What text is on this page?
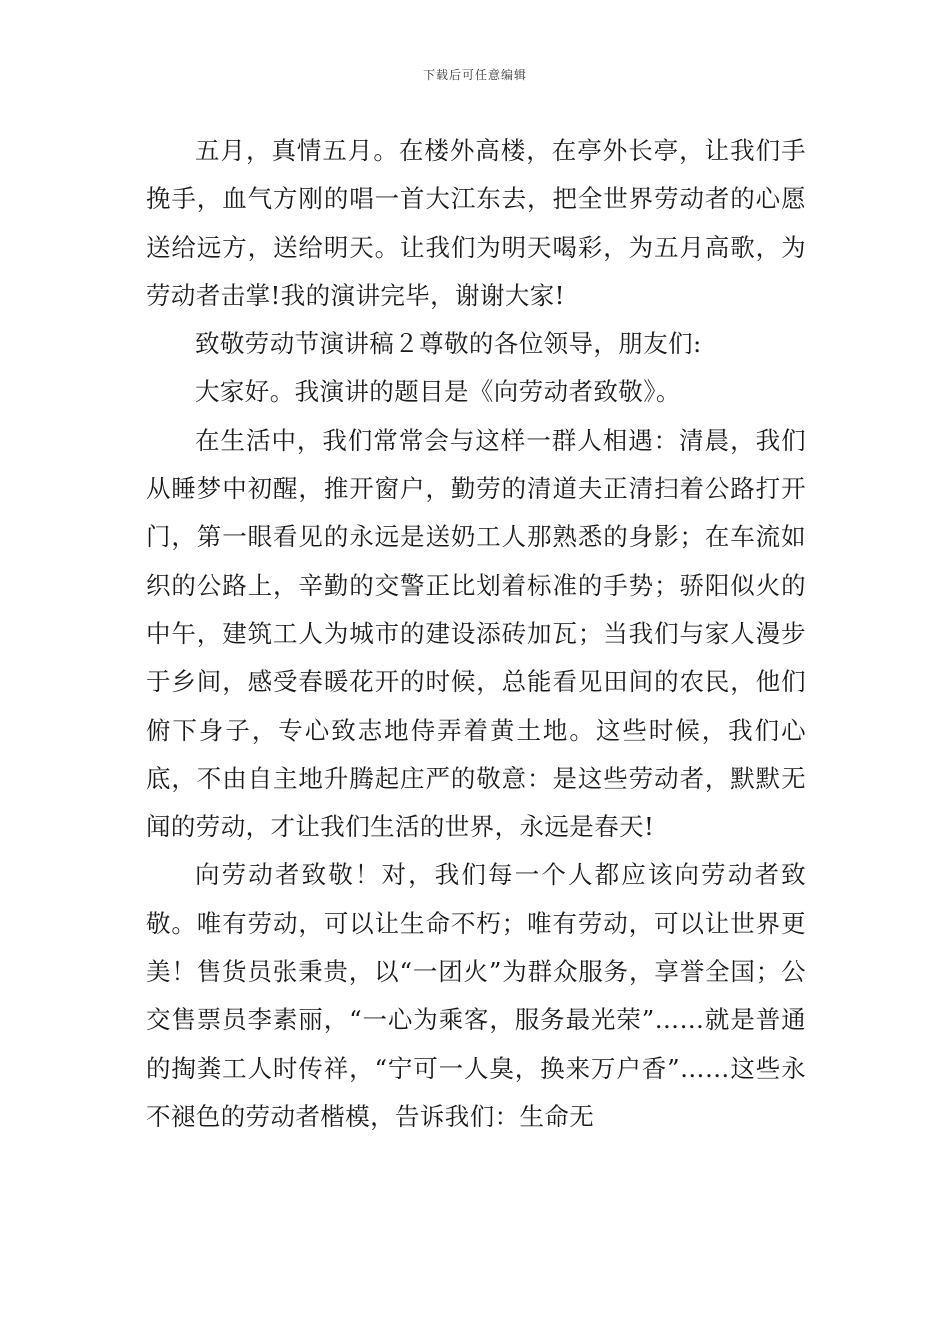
下载后可任意编辑

五月，真情五月。在楼外高楼，在亭外长亭，让我们手挽手，血气方刚的唱一首大江东去，把全世界劳动者的心愿送给远方，送给明天。让我们为明天喝彩，为五月高歌，为劳动者击掌!我的演讲完毕，谢谢大家!

致敬劳动节演讲稿２尊敬的各位领导，朋友们:

大家好。我演讲的题目是《向劳动者致敬》。

在生活中，我们常常会与这样一群人相遇：清晨，我们从睡梦中初醒，推开窗户，勤劳的清道夫正清扫着公路打开门，第一眼看见的永远是送奶工人那熟悉的身影；在车流如织的公路上，辛勤的交警正比划着标准的手势；骄阳似火的中午，建筑工人为城市的建设添砖加瓦；当我们与家人漫步于乡间，感受春暖花开的时候，总能看见田间的农民，他们俯下身子，专心致志地侍弄着黄土地。这些时候，我们心底，不由自主地升腾起庄严的敬意：是这些劳动者，默默无闻的劳动，才让我们生活的世界，永远是春天!

向劳动者致敬！对，我们每一个人都应该向劳动者致敬。唯有劳动，可以让生命不朽；唯有劳动，可以让世界更美！售货员张秉贵，以“一团火”为群众服务，享誉全国；公交售票员李素丽，“一心为乘客，服务最光荣”……就是普通的掏粪工人时传祥，“宁可一人臭，换来万户香”……这些永不褪色的劳动者楷模，告诉我们：生命无
